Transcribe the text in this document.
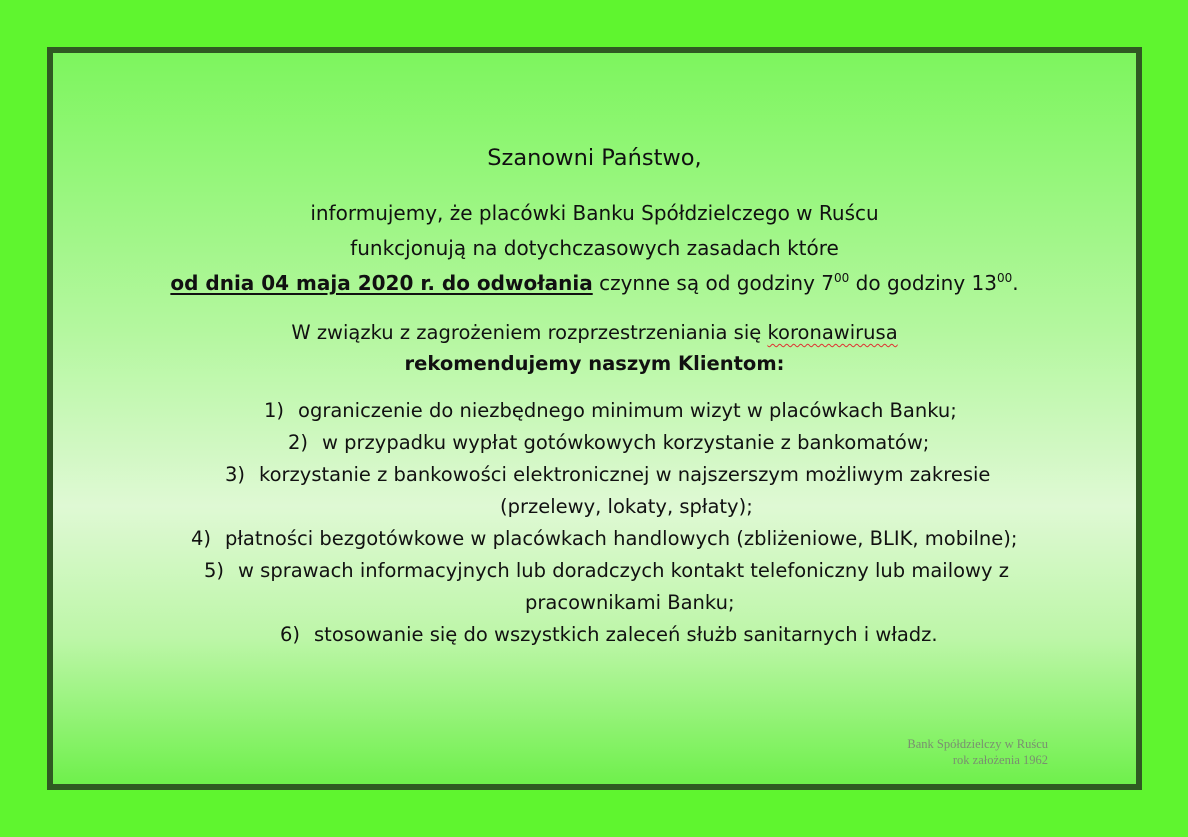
Szanowni Państwo,
informujemy, że placówki Banku Spółdzielczego w Ruścu
funkcjonują na dotychczasowych zasadach które
od dnia 04 maja 2020 r. do odwołania czynne są od godziny $7^{00}$ do godziny $13^{00}$.
W związku z zagrożeniem rozprzestrzeniania się koronawirusa
rekomendujemy naszym Klientom:
1) ograniczenie do niezbędnego minimum wizyt w placówkach Banku;
2) w przypadku wypłat gotówkowych korzystanie z bankomatów;
3) korzystanie z bankowości elektronicznej w najszerszym możliwym zakresie
(przelewy, lokaty, spłaty);
4) płatności bezgotówkowe w placówkach handlowych (zbliżeniowe, BLIK, mobilne);
5) w sprawach informacyjnych lub doradczych kontakt telefoniczny lub mailowy z
pracownikami Banku;
6) stosowanie się do wszystkich zaleceń służb sanitarnych i władz.
Bank Spółdzielczy w Ruścu
rok założenia 1962
